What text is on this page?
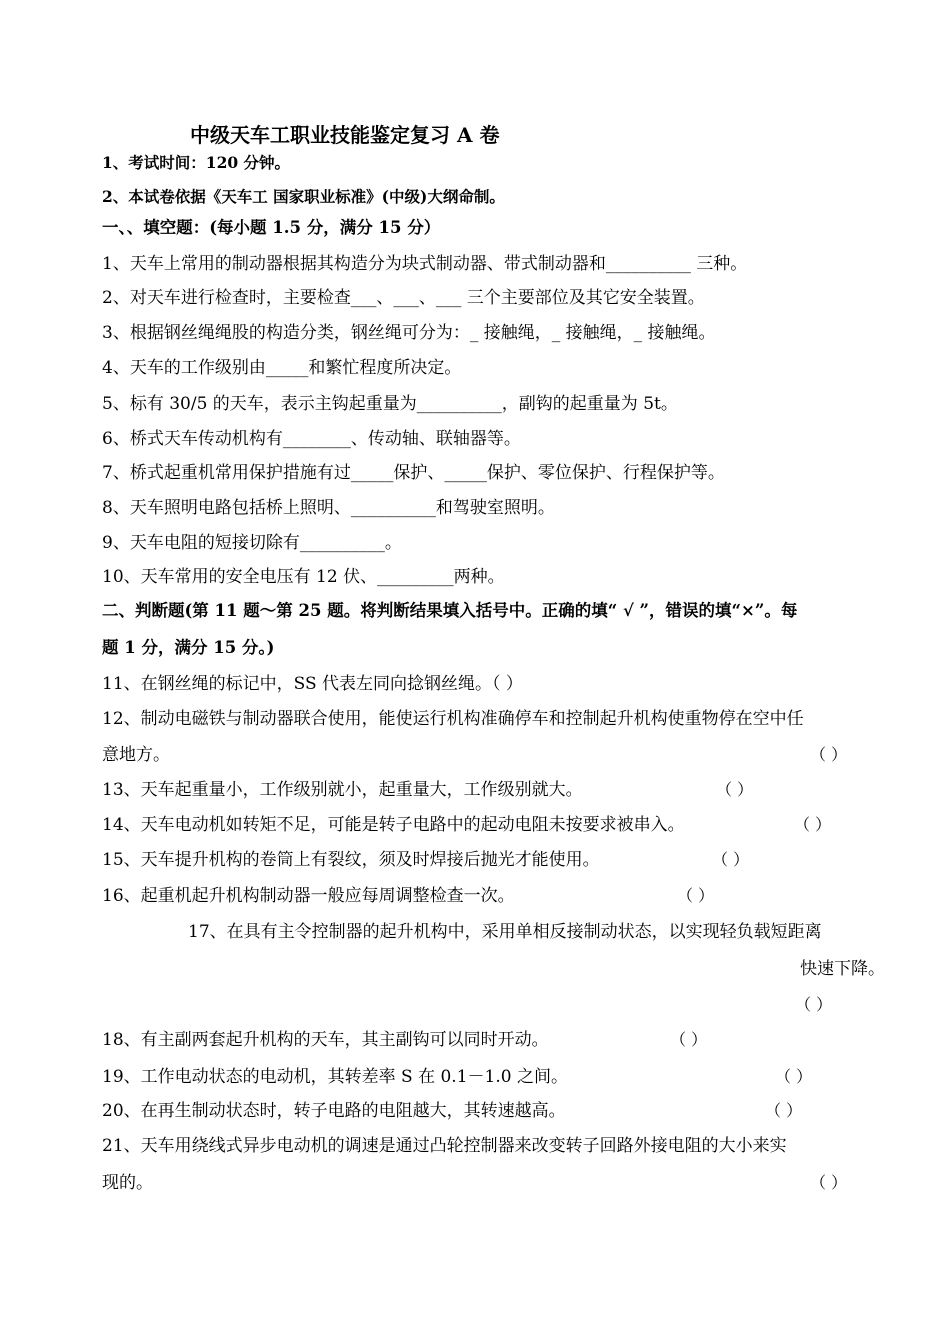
中级天车工职业技能鉴定复习 A 卷
1、考试时间：120 分钟。
2、本试卷依据《天车工 国家职业标准》(中级)大纲命制。
一、、填空题：(每小题 1.5 分，满分 15 分）
1、天车上常用的制动器根据其构造分为块式制动器、带式制动器和__________ 三种。
2、对天车进行检查时，主要检查___、___、___ 三个主要部位及其它安全装置。
3、根据钢丝绳绳股的构造分类，钢丝绳可分为：_ 接触绳，_ 接触绳，_ 接触绳。
4、天车的工作级别由_____和繁忙程度所决定。
5、标有 30/5 的天车，表示主钩起重量为__________，副钩的起重量为 5t。
6、桥式天车传动机构有________、传动轴、联轴器等。
7、桥式起重机常用保护措施有过_____保护、_____保护、零位保护、行程保护等。
8、天车照明电路包括桥上照明、__________和驾驶室照明。
9、天车电阻的短接切除有__________。
10、天车常用的安全电压有 12 伏、_________两种。
二、判断题(第 11 题～第 25 题。将判断结果填入括号中。正确的填“ √ ”，错误的填“×”。每
题 1 分，满分 15 分。)
11、在钢丝绳的标记中，SS 代表左同向捻钢丝绳。（ ）
12、制动电磁铁与制动器联合使用，能使运行机构准确停车和控制起升机构使重物停在空中任
意地方。	（ ）
13、天车起重量小，工作级别就小，起重量大，工作级别就大。	（ ）
14、天车电动机如转矩不足，可能是转子电路中的起动电阻未按要求被串入。	（ ）
15、天车提升机构的卷筒上有裂纹，须及时焊接后抛光才能使用。	（ ）
16、起重机起升机构制动器一般应每周调整检查一次。	（ ）
17、在具有主令控制器的起升机构中，采用单相反接制动状态，以实现轻负载短距离
快速下降。
（ ）
18、有主副两套起升机构的天车，其主副钩可以同时开动。	（ ）
19、工作电动状态的电动机，其转差率 S 在 0.1－1.0 之间。	（ ）
20、在再生制动状态时，转子电路的电阻越大，其转速越高。	（ ）
21、天车用绕线式异步电动机的调速是通过凸轮控制器来改变转子回路外接电阻的大小来实
现的。	（ ）
